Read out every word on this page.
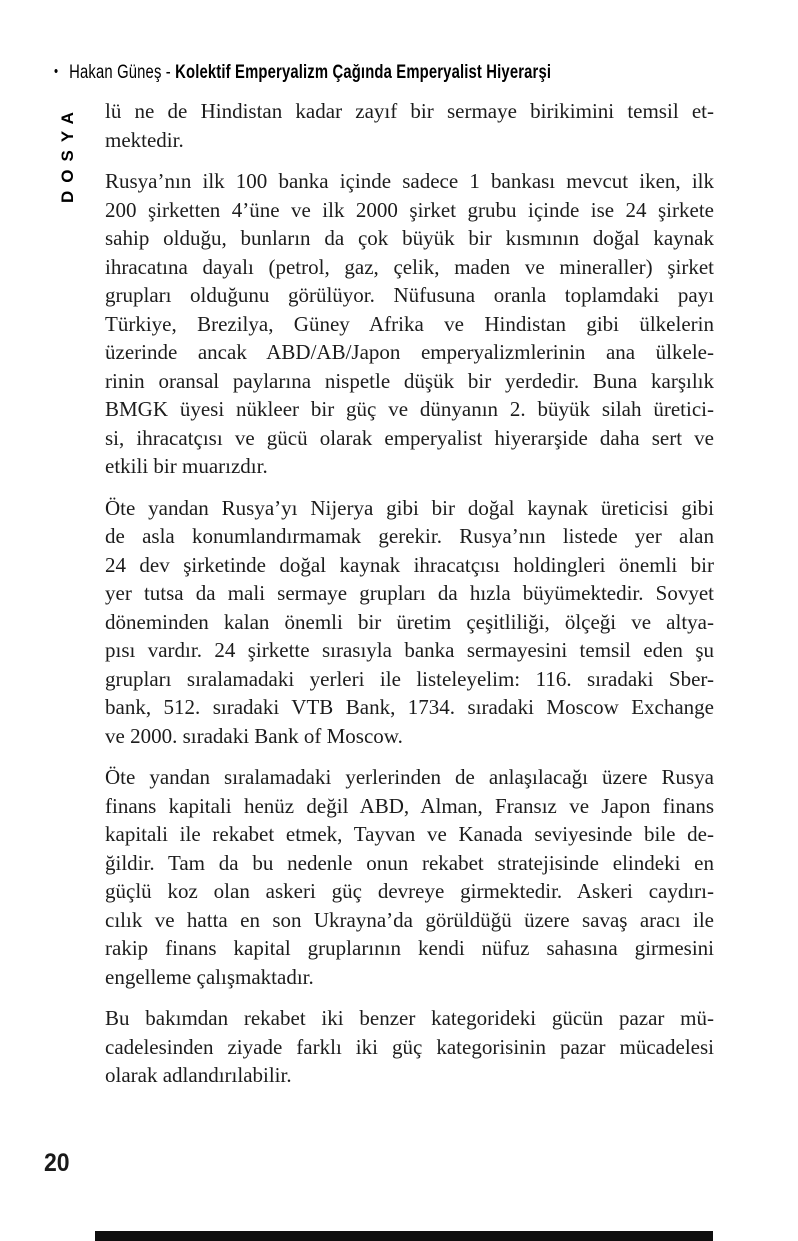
• Hakan Güneş - Kolektif Emperyalizm Çağında Emperyalist Hiyerarşi
DOSYA lü ne de Hindistan kadar zayıf bir sermaye birikimini temsil et-
mektedir.

Rusya’nın ilk 100 banka içinde sadece 1 bankası mevcut iken, ilk
200 şirketten 4’üne ve ilk 2000 şirket grubu içinde ise 24 şirkete
sahip olduğu, bunların da çok büyük bir kısmının doğal kaynak
ihracatına dayalı (petrol, gaz, çelik, maden ve mineraller) şirket
grupları olduğunu görülüyor. Nüfusuna oranla toplamdaki payı
Türkiye, Brezilya, Güney Afrika ve Hindistan gibi ülkelerin
üzerinde ancak ABD/AB/Japon emperyalizmlerinin ana ülkele-
rinin oransal paylarına nispetle düşük bir yerdedir. Buna karşılık
BMGK üyesi nükleer bir güç ve dünyanın 2. büyük silah üretici-
si, ihracatçısı ve gücü olarak emperyalist hiyerarşide daha sert ve
etkili bir muarızdır.

Öte yandan Rusya’yı Nijerya gibi bir doğal kaynak üreticisi gibi
de asla konumlandırmamak gerekir. Rusya’nın listede yer alan
24 dev şirketinde doğal kaynak ihracatçısı holdingleri önemli bir
yer tutsa da mali sermaye grupları da hızla büyümektedir. Sovyet
döneminden kalan önemli bir üretim çeşitliliği, ölçeği ve altya-
pısı vardır. 24 şirkette sırasıyla banka sermayesini temsil eden şu
grupları sıralamadaki yerleri ile listeleyelim: 116. sıradaki Sber-
bank, 512. sıradaki VTB Bank, 1734. sıradaki Moscow Exchange
ve 2000. sıradaki Bank of Moscow.

Öte yandan sıralamadaki yerlerinden de anlaşılacağı üzere Rusya
finans kapitali henüz değil ABD, Alman, Fransız ve Japon finans
kapitali ile rekabet etmek, Tayvan ve Kanada seviyesinde bile de-
ğildir. Tam da bu nedenle onun rekabet stratejisinde elindeki en
güçlü koz olan askeri güç devreye girmektedir. Askeri caydırı-
cılık ve hatta en son Ukrayna’da görüldüğü üzere savaş aracı ile
rakip finans kapital gruplarının kendi nüfuz sahasına girmesini
engelleme çalışmaktadır.

Bu bakımdan rekabet iki benzer kategorideki gücün pazar mü-
cadelesinden ziyade farklı iki güç kategorisinin pazar mücadelesi
olarak adlandırılabilir.

20
